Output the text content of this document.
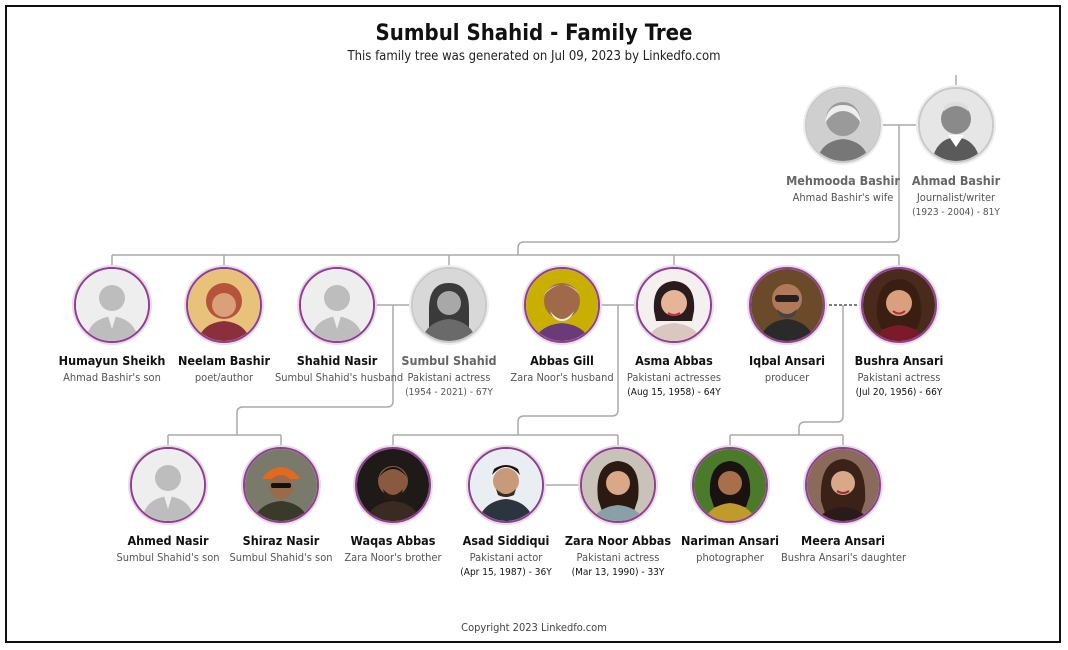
Sumbul Shahid - Family Tree
This family tree was generated on Jul 09, 2023 by Linkedfo.com
Mehmooda Bashir
Ahmad Bashir's wife
Ahmad Bashir
Journalist/writer
(1923 - 2004) - 81Y
Humayun Sheikh
Ahmad Bashir's son
Neelam Bashir
poet/author
Shahid Nasir
Sumbul Shahid's husband
Sumbul Shahid
Pakistani actress
(1954 - 2021) - 67Y
Abbas Gill
Zara Noor's husband
Asma Abbas
Pakistani actresses
(Aug 15, 1958) - 64Y
Iqbal Ansari
producer
Bushra Ansari
Pakistani actress
(Jul 20, 1956) - 66Y
Ahmed Nasir
Sumbul Shahid's son
Shiraz Nasir
Sumbul Shahid's son
Waqas Abbas
Zara Noor's brother
Asad Siddiqui
Pakistani actor
(Apr 15, 1987) - 36Y
Zara Noor Abbas
Pakistani actress
(Mar 13, 1990) - 33Y
Nariman Ansari
photographer
Meera Ansari
Bushra Ansari's daughter
Copyright 2023 Linkedfo.com
